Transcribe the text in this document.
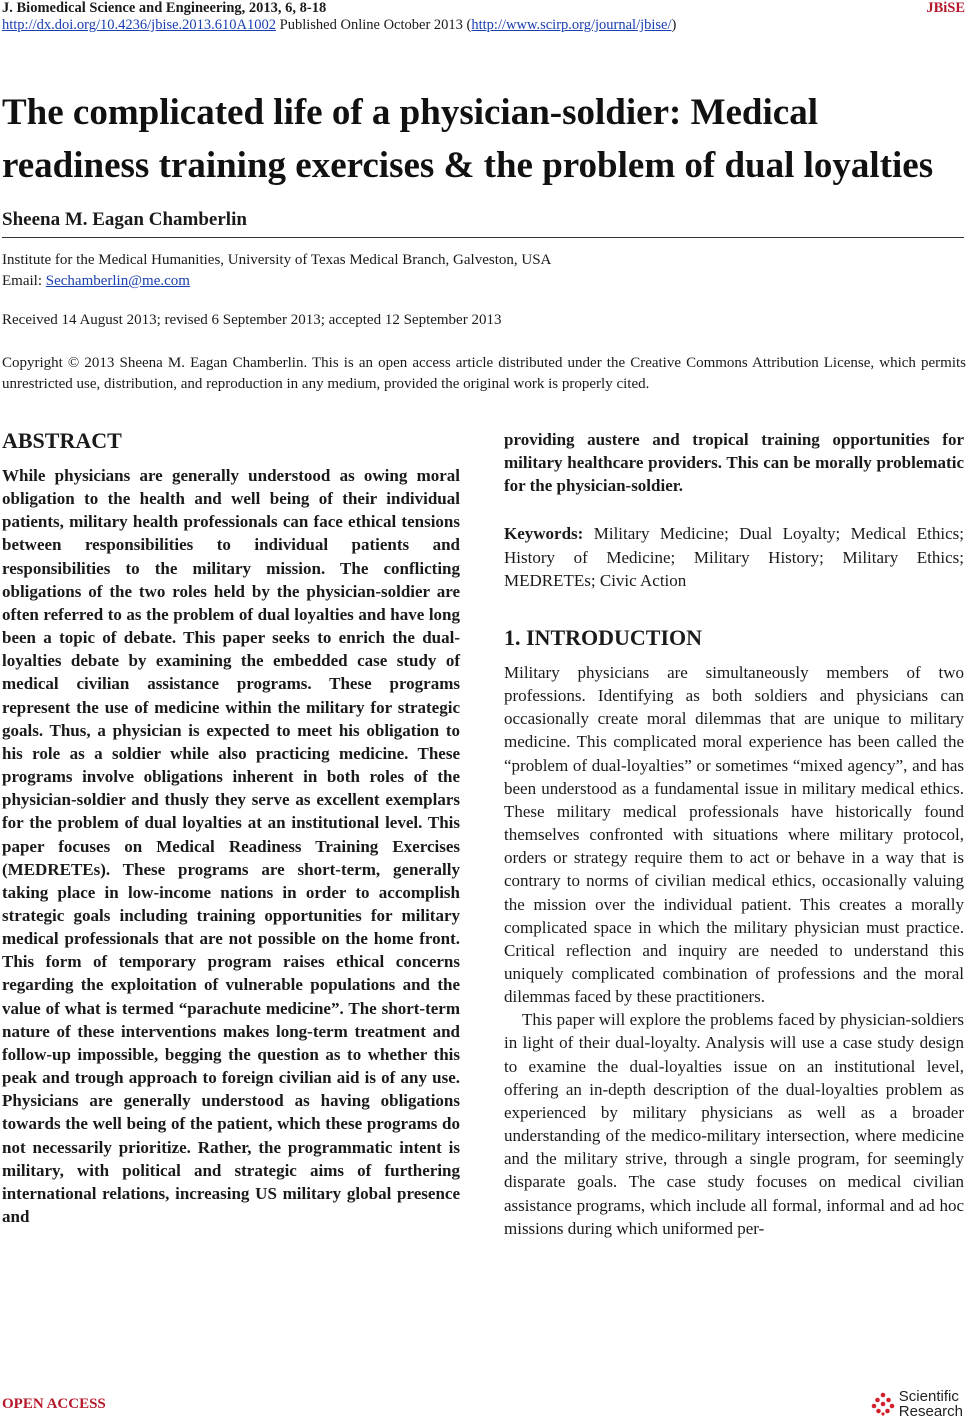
J. Biomedical Science and Engineering, 2013, 6, 8-18
http://dx.doi.org/10.4236/jbise.2013.610A1002 Published Online October 2013 (http://www.scirp.org/journal/jbise/)
JBiSE
The complicated life of a physician-soldier: Medical readiness training exercises & the problem of dual loyalties
Sheena M. Eagan Chamberlin
Institute for the Medical Humanities, University of Texas Medical Branch, Galveston, USA
Email: Sechamberlin@me.com
Received 14 August 2013; revised 6 September 2013; accepted 12 September 2013
Copyright © 2013 Sheena M. Eagan Chamberlin. This is an open access article distributed under the Creative Commons Attribution License, which permits unrestricted use, distribution, and reproduction in any medium, provided the original work is properly cited.
ABSTRACT

While physicians are generally understood as owing moral obligation to the health and well being of their individual patients, military health professionals can face ethical tensions between responsibilities to individual patients and responsibilities to the military mission. The conflicting obligations of the two roles held by the physician-soldier are often referred to as the problem of dual loyalties and have long been a topic of debate. This paper seeks to enrich the dual-loyalties debate by examining the embedded case study of medical civilian assistance programs. These programs represent the use of medicine within the military for strategic goals. Thus, a physician is expected to meet his obligation to his role as a soldier while also practicing medicine. These programs involve obligations inherent in both roles of the physician-soldier and thusly they serve as excellent exemplars for the problem of dual loyalties at an institutional level. This paper focuses on Medical Readiness Training Exercises (MEDRETEs). These programs are short-term, generally taking place in low-income nations in order to accomplish strategic goals including training opportunities for military medical professionals that are not possible on the home front. This form of temporary program raises ethical concerns regarding the exploitation of vulnerable populations and the value of what is termed “parachute medicine”. The short-term nature of these interventions makes long-term treatment and follow-up impossible, begging the question as to whether this peak and trough approach to foreign civilian aid is of any use. Physicians are generally understood as having obligations towards the well being of the patient, which these programs do not necessarily prioritize. Rather, the programmatic intent is military, with political and strategic aims of furthering international relations, increasing US military global presence and

providing austere and tropical training opportunities for military healthcare providers. This can be morally problematic for the physician-soldier.

Keywords: Military Medicine; Dual Loyalty; Medical Ethics; History of Medicine; Military History; Military Ethics; MEDRETEs; Civic Action

1. INTRODUCTION

Military physicians are simultaneously members of two professions. Identifying as both soldiers and physicians can occasionally create moral dilemmas that are unique to military medicine. This complicated moral experience has been called the “problem of dual-loyalties” or sometimes “mixed agency”, and has been understood as a fundamental issue in military medical ethics. These military medical professionals have historically found themselves confronted with situations where military protocol, orders or strategy require them to act or behave in a way that is contrary to norms of civilian medical ethics, occasionally valuing the mission over the individual patient. This creates a morally complicated space in which the military physician must practice. Critical reflection and inquiry are needed to understand this uniquely complicated combination of professions and the moral dilemmas faced by these practitioners.

This paper will explore the problems faced by physician-soldiers in light of their dual-loyalty. Analysis will use a case study design to examine the dual-loyalties issue on an institutional level, offering an in-depth description of the dual-loyalties problem as experienced by military physicians as well as a broader understanding of the medico-military intersection, where medicine and the military strive, through a single program, for seemingly disparate goals. The case study focuses on medical civilian assistance programs, which include all formal, informal and ad hoc missions during which uniformed per-

OPEN ACCESS	Scientific
Research
